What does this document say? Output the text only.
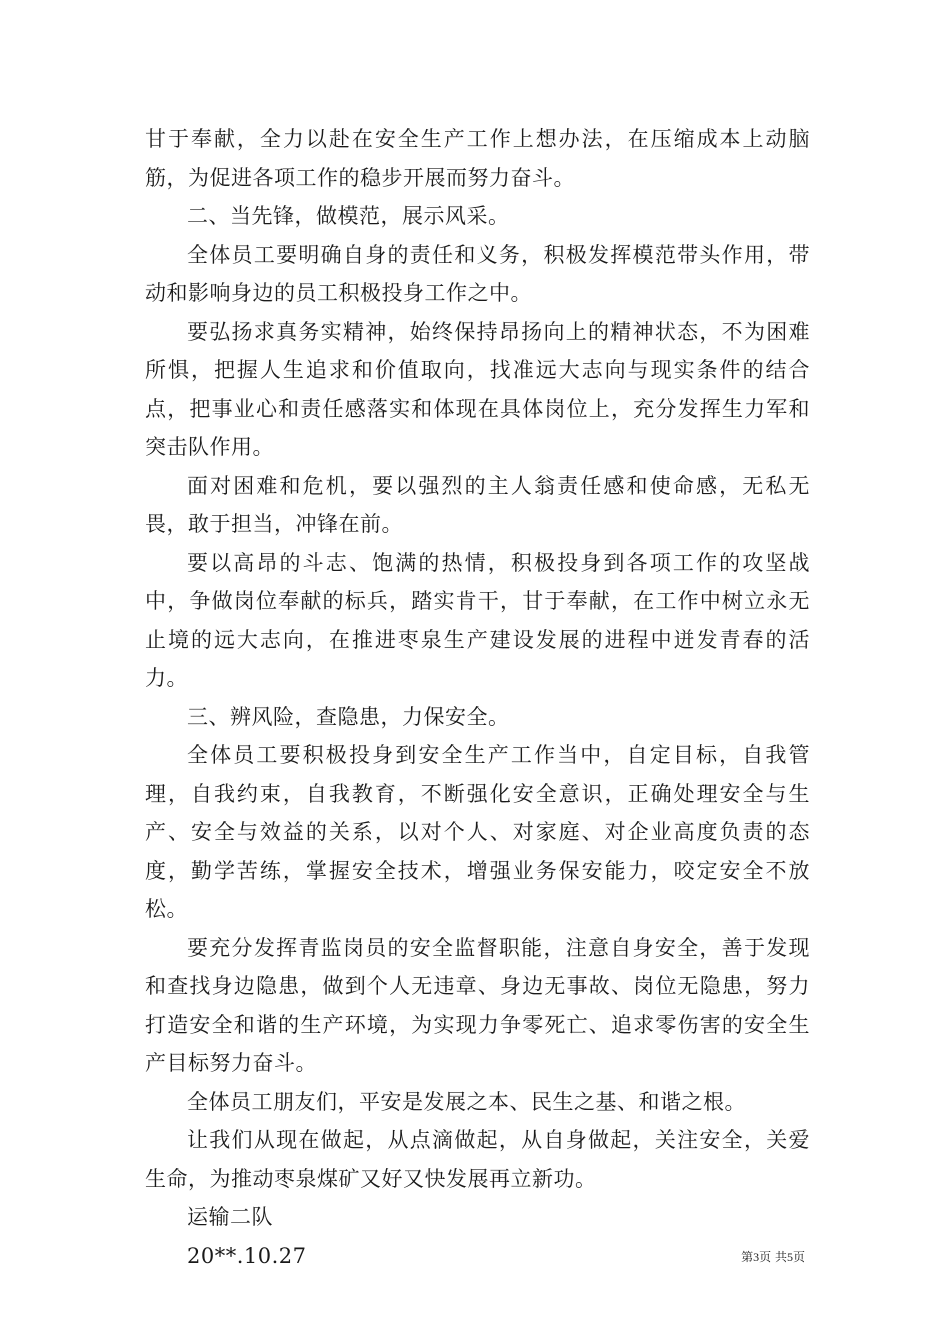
甘于奉献，全力以赴在安全生产工作上想办法，在压缩成本上动脑筋，为促进各项工作的稳步开展而努力奋斗。

二、当先锋，做模范，展示风采。

全体员工要明确自身的责任和义务，积极发挥模范带头作用，带动和影响身边的员工积极投身工作之中。

要弘扬求真务实精神，始终保持昂扬向上的精神状态，不为困难所惧，把握人生追求和价值取向，找准远大志向与现实条件的结合点，把事业心和责任感落实和体现在具体岗位上，充分发挥生力军和突击队作用。

面对困难和危机，要以强烈的主人翁责任感和使命感，无私无畏，敢于担当，冲锋在前。

要以高昂的斗志、饱满的热情，积极投身到各项工作的攻坚战中，争做岗位奉献的标兵，踏实肯干，甘于奉献，在工作中树立永无止境的远大志向，在推进枣泉生产建设发展的进程中迸发青春的活力。

三、辨风险，查隐患，力保安全。

全体员工要积极投身到安全生产工作当中，自定目标，自我管理，自我约束，自我教育，不断强化安全意识，正确处理安全与生产、安全与效益的关系，以对个人、对家庭、对企业高度负责的态度，勤学苦练，掌握安全技术，增强业务保安能力，咬定安全不放松。

要充分发挥青监岗员的安全监督职能，注意自身安全，善于发现和查找身边隐患，做到个人无违章、身边无事故、岗位无隐患，努力打造安全和谐的生产环境，为实现力争零死亡、追求零伤害的安全生产目标努力奋斗。

全体员工朋友们，平安是发展之本、民生之基、和谐之根。

让我们从现在做起，从点滴做起，从自身做起，关注安全，关爱生命，为推动枣泉煤矿又好又快发展再立新功。

运输二队

20**.10.27	第3页 共5页
